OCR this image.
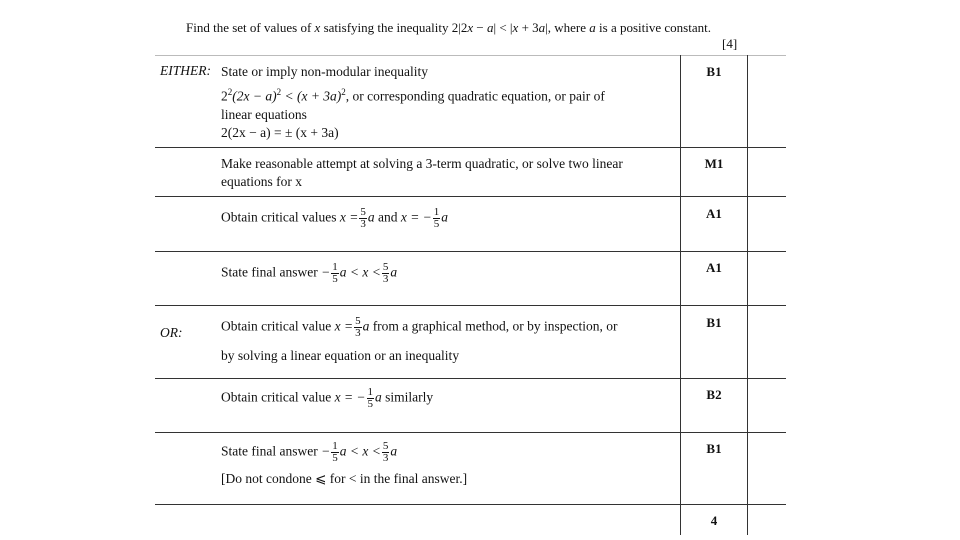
Find the set of values of x satisfying the inequality 2|2x − a| < |x + 3a|, where a is a positive constant.
[4]
EITHER: State or imply non-modular inequality
$2^2(2x - a)^2 < (x + 3a)^2$, or corresponding quadratic equation, or pair of
linear equations
2(2x − a) = ± (x + 3a)
B1
Make reasonable attempt at solving a 3-term quadratic, or solve two linear
equations for x
M1
Obtain critical values $x = \frac{5}{3}$ a and x = − $\frac{1}{5}$ a	A1
State final answer − $\frac{1}{5}$ $a < x < \frac{5}{3}$ a	A1
OR:	Obtain critical value $x = \frac{5}{3}$ a from a graphical method, or by inspection, or
by solving a linear equation or an inequality
B1
Obtain critical value x = − $\frac{1}{5}$ a similarly	B2
State final answer − $\frac{1}{5}$ $a < x < \frac{5}{3}$ a
[Do not condone ⩽ for < in the final answer.]
B1
4
